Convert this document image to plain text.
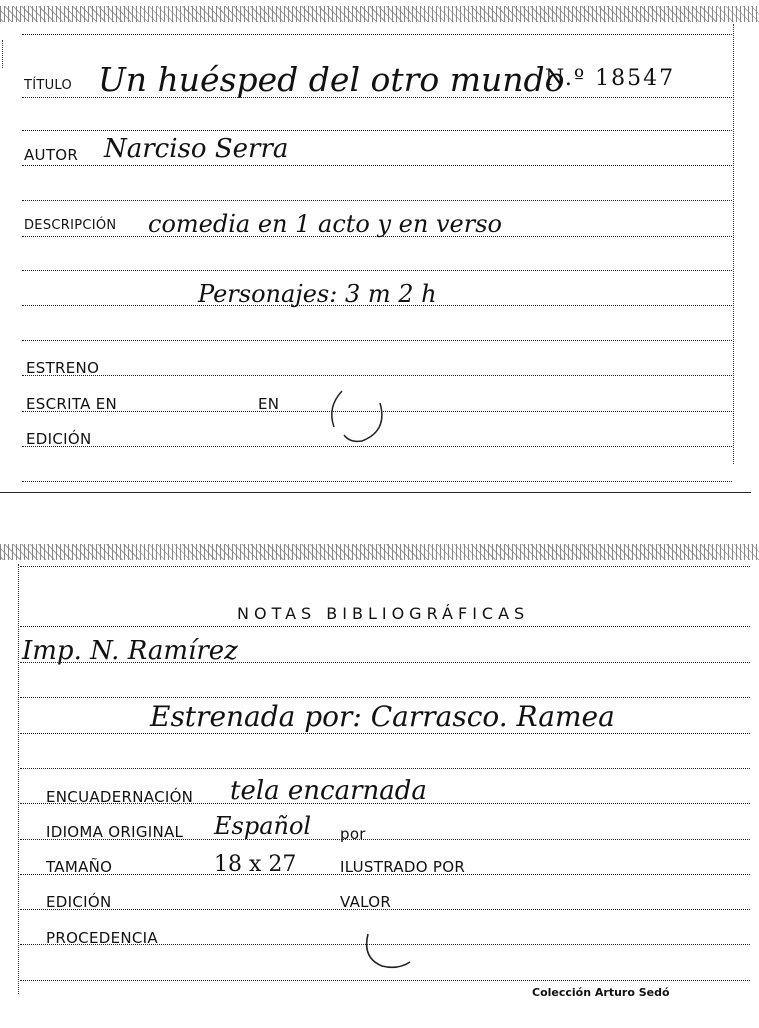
TÍTULO Un huésped del otro mundo
N.º 18547
AUTOR Narciso Serra
DESCRIPCIÓN comedia en 1 acto y en verso
Personajes: 3 m 2 h
ESTRENO
ESCRITA EN	EN
EDICIÓN
NOTAS BIBLIOGRÁFICAS
Imp. N. Ramírez
Estrenada por: Carrasco. Ramea
ENCUADERNACIÓN tela encarnada
IDIOMA ORIGINAL Español por
TAMAÑO	18 x 27	ILUSTRADO POR
EDICIÓN	VALOR
PROCEDENCIA
Colección Arturo Sedó
